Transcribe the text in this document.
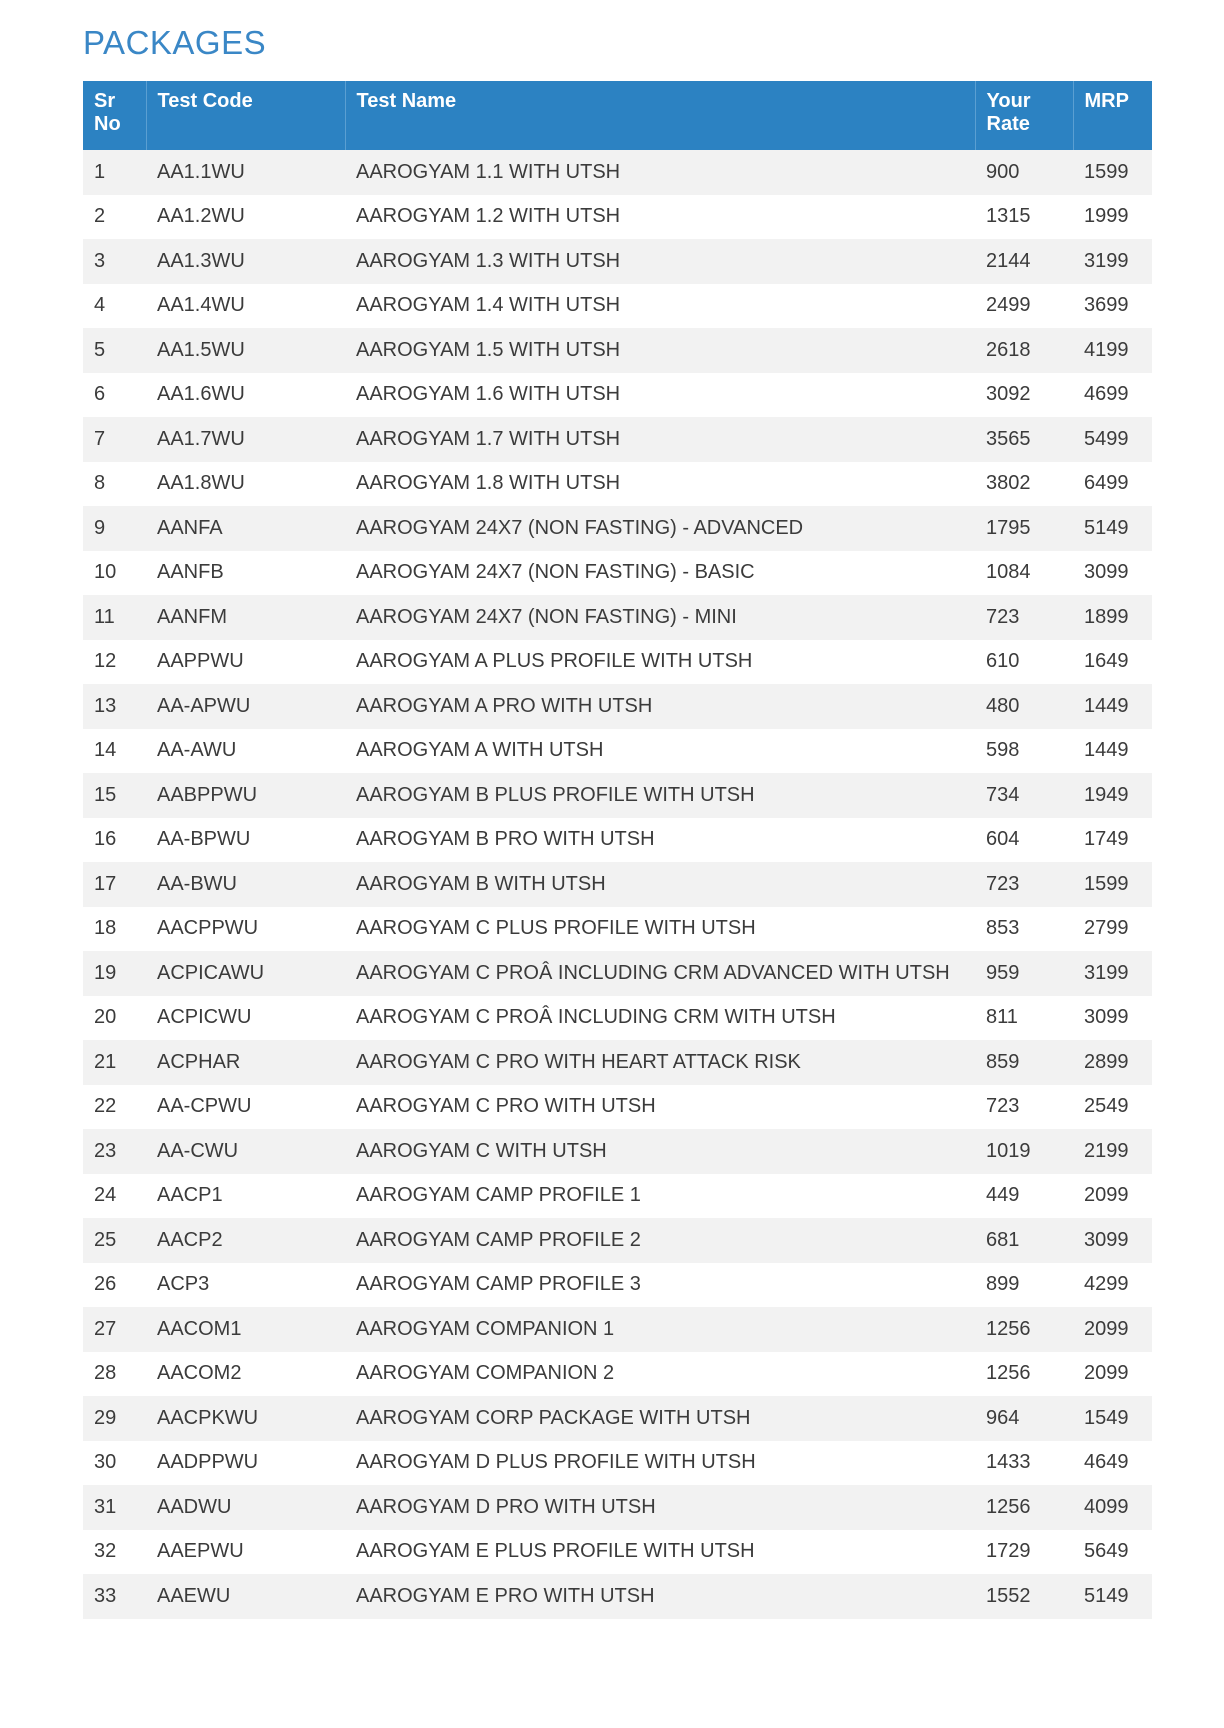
PACKAGES
Sr No	Test Code	Test Name	Your Rate	MRP
1	AA1.1WU	AAROGYAM 1.1 WITH UTSH	900	1599
2	AA1.2WU	AAROGYAM 1.2 WITH UTSH	1315	1999
3	AA1.3WU	AAROGYAM 1.3 WITH UTSH	2144	3199
4	AA1.4WU	AAROGYAM 1.4 WITH UTSH	2499	3699
5	AA1.5WU	AAROGYAM 1.5 WITH UTSH	2618	4199
6	AA1.6WU	AAROGYAM 1.6 WITH UTSH	3092	4699
7	AA1.7WU	AAROGYAM 1.7 WITH UTSH	3565	5499
8	AA1.8WU	AAROGYAM 1.8 WITH UTSH	3802	6499
9	AANFA	AAROGYAM 24X7 (NON FASTING) - ADVANCED	1795	5149
10	AANFB	AAROGYAM 24X7 (NON FASTING) - BASIC	1084	3099
11	AANFM	AAROGYAM 24X7 (NON FASTING) - MINI	723	1899
12	AAPPWU	AAROGYAM A PLUS PROFILE WITH UTSH	610	1649
13	AA-APWU	AAROGYAM A PRO WITH UTSH	480	1449
14	AA-AWU	AAROGYAM A WITH UTSH	598	1449
15	AABPPWU	AAROGYAM B PLUS PROFILE WITH UTSH	734	1949
16	AA-BPWU	AAROGYAM B PRO WITH UTSH	604	1749
17	AA-BWU	AAROGYAM B WITH UTSH	723	1599
18	AACPPWU	AAROGYAM C PLUS PROFILE WITH UTSH	853	2799
19	ACPICAWU	AAROGYAM C PROÂ INCLUDING CRM ADVANCED WITH UTSH	959	3199
20	ACPICWU	AAROGYAM C PROÂ INCLUDING CRM WITH UTSH	811	3099
21	ACPHAR	AAROGYAM C PRO WITH HEART ATTACK RISK	859	2899
22	AA-CPWU	AAROGYAM C PRO WITH UTSH	723	2549
23	AA-CWU	AAROGYAM C WITH UTSH	1019	2199
24	AACP1	AAROGYAM CAMP PROFILE 1	449	2099
25	AACP2	AAROGYAM CAMP PROFILE 2	681	3099
26	ACP3	AAROGYAM CAMP PROFILE 3	899	4299
27	AACOM1	AAROGYAM COMPANION 1	1256	2099
28	AACOM2	AAROGYAM COMPANION 2	1256	2099
29	AACPKWU	AAROGYAM CORP PACKAGE WITH UTSH	964	1549
30	AADPPWU	AAROGYAM D PLUS PROFILE WITH UTSH	1433	4649
31	AADWU	AAROGYAM D PRO WITH UTSH	1256	4099
32	AAEPWU	AAROGYAM E PLUS PROFILE WITH UTSH	1729	5649
33	AAEWU	AAROGYAM E PRO WITH UTSH	1552	5149
